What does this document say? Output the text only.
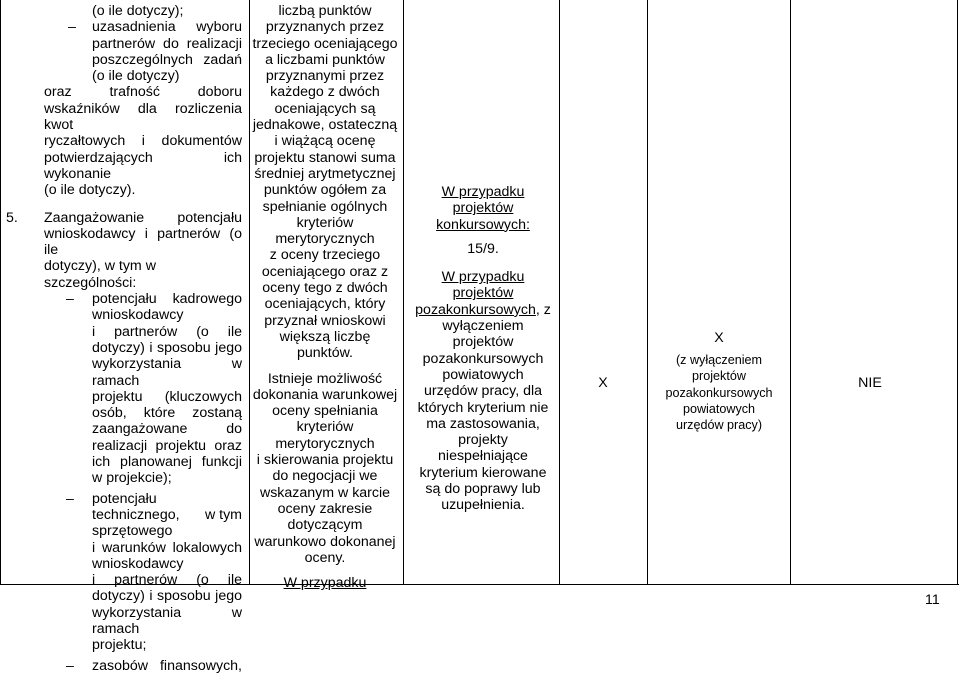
(o ile dotyczy);
– uzasadnienia wyboru
partnerów do realizacji
poszczególnych zadań
(o ile dotyczy)
oraz	trafność	doboru
wskaźników dla rozliczenia kwot
ryczałtowych i dokumentów
potwierdzających ich wykonanie
(o ile dotyczy).
5. Zaangażowanie potencjału
wnioskodawcy i partnerów (o ile
dotyczy), w tym w szczególności:
– potencjału kadrowego
wnioskodawcy
i partnerów (o ile
dotyczy) i sposobu jego
wykorzystania w ramach
projektu (kluczowych
osób, które zostaną
zaangażowane do
realizacji projektu oraz
ich planowanej funkcji
w projekcie);
– potencjału
technicznego, w tym
sprzętowego
i warunków lokalowych
wnioskodawcy
i partnerów (o ile
dotyczy) i sposobu jego
wykorzystania w ramach
projektu;
– zasobów finansowych,
liczbą punktów
przyznanych przez
trzeciego oceniającego
a liczbami punktów
przyznanymi przez
każdego z dwóch
oceniających są
jednakowe, ostateczną
i wiążącą ocenę
projektu stanowi suma
średniej arytmetycznej
punktów ogółem za
spełnianie ogólnych
kryteriów
merytorycznych
z oceny trzeciego
oceniającego oraz z
oceny tego z dwóch
oceniających, który
przyznał wnioskowi
większą liczbę
punktów.
Istnieje możliwość
dokonania warunkowej
oceny spełniania
kryteriów
merytorycznych
i skierowania projektu
do negocjacji we
wskazanym w karcie
oceny zakresie
dotyczącym
warunkowo dokonanej
oceny.
W przypadku
W przypadku
projektów
konkursowych:
15/9.
W przypadku
projektów
pozakonkursowych, z wyłączeniem
projektów
pozakonkursowych
powiatowych
urzędów pracy, dla
których kryterium nie
ma zastosowania,
projekty
niespełniające
kryterium kierowane
są do poprawy lub
uzupełnienia.
X
X
(z wyłączeniem
projektów
pozakonkursowych
powiatowych
urzędów pracy)
NIE
11
